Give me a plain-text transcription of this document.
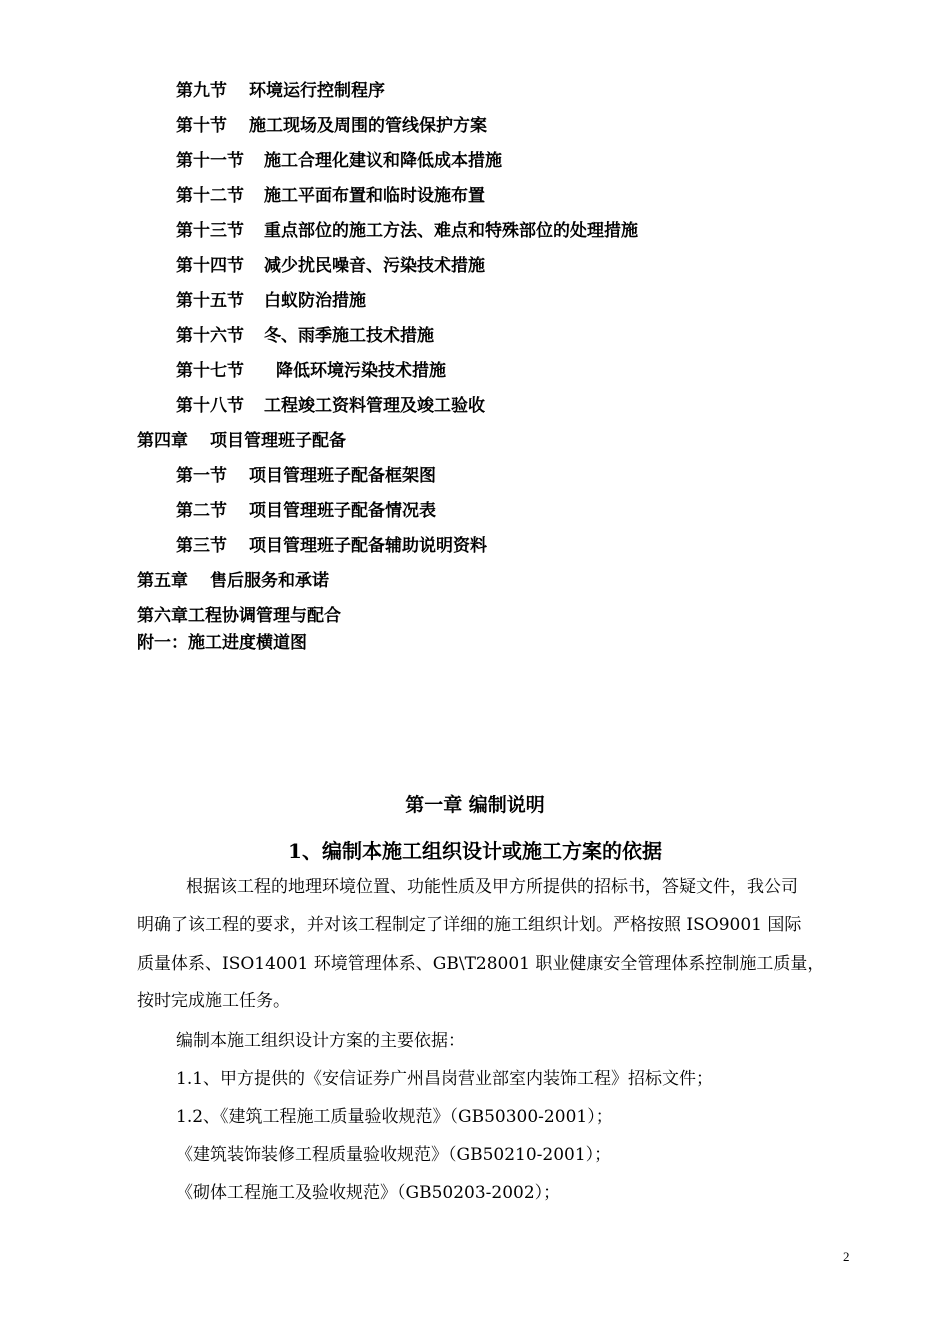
第九节 环境运行控制程序
第十节 施工现场及周围的管线保护方案
第十一节 施工合理化建议和降低成本措施
第十二节 施工平面布置和临时设施布置
第十三节 重点部位的施工方法、难点和特殊部位的处理措施
第十四节 减少扰民噪音、污染技术措施
第十五节 白蚁防治措施
第十六节 冬、雨季施工技术措施
第十七节 降低环境污染技术措施
第十八节 工程竣工资料管理及竣工验收
第四章 项目管理班子配备
第一节 项目管理班子配备框架图
第二节 项目管理班子配备情况表
第三节 项目管理班子配备辅助说明资料
第五章 售后服务和承诺
第六章工程协调管理与配合
附一：施工进度横道图
第一章 编制说明
1、编制本施工组织设计或施工方案的依据
根据该工程的地理环境位置、功能性质及甲方所提供的招标书，答疑文件，我公司
明确了该工程的要求，并对该工程制定了详细的施工组织计划。严格按照 ISO9001 国际
质量体系、ISO14001 环境管理体系、GB\T28001 职业健康安全管理体系控制施工质量，
按时完成施工任务。
编制本施工组织设计方案的主要依据：
1.1、甲方提供的《安信证券广州昌岗营业部室内装饰工程》招标文件；
1.2、《建筑工程施工质量验收规范》（GB50300-2001）；
《建筑装饰装修工程质量验收规范》（GB50210-2001）；
《砌体工程施工及验收规范》（GB50203-2002）；
2
